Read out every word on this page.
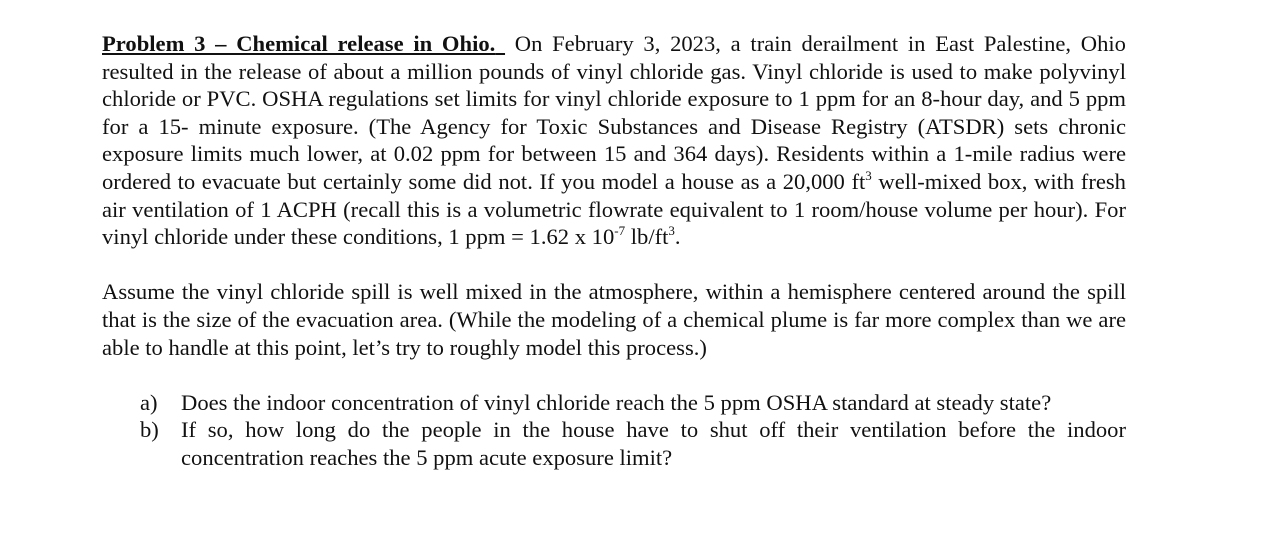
Problem 3 – Chemical release in Ohio. On February 3, 2023, a train derailment in East Palestine, Ohio resulted in the release of about a million pounds of vinyl chloride gas. Vinyl chloride is used to make polyvinyl chloride or PVC. OSHA regulations set limits for vinyl chloride exposure to 1 ppm for an 8-hour day, and 5 ppm for a 15- minute exposure. (The Agency for Toxic Substances and Disease Registry (ATSDR) sets chronic exposure limits much lower, at 0.02 ppm for between 15 and 364 days). Residents within a 1-mile radius were ordered to evacuate but certainly some did not. If you model a house as a 20,000 $ft^3$ well-mixed box, with fresh air ventilation of 1 ACPH (recall this is a volumetric flowrate equivalent to 1 room/house volume per hour). For vinyl chloride under these conditions, 1 ppm = 1.62 x $10^{-7}$ $lb/ft^3$.

Assume the vinyl chloride spill is well mixed in the atmosphere, within a hemisphere centered around the spill that is the size of the evacuation area. (While the modeling of a chemical plume is far more complex than we are able to handle at this point, let’s try to roughly model this process.)

a)	Does the indoor concentration of vinyl chloride reach the 5 ppm OSHA standard at steady state?
b) If so, how long do the people in the house have to shut off their ventilation before the indoor concentration reaches the 5 ppm acute exposure limit?
